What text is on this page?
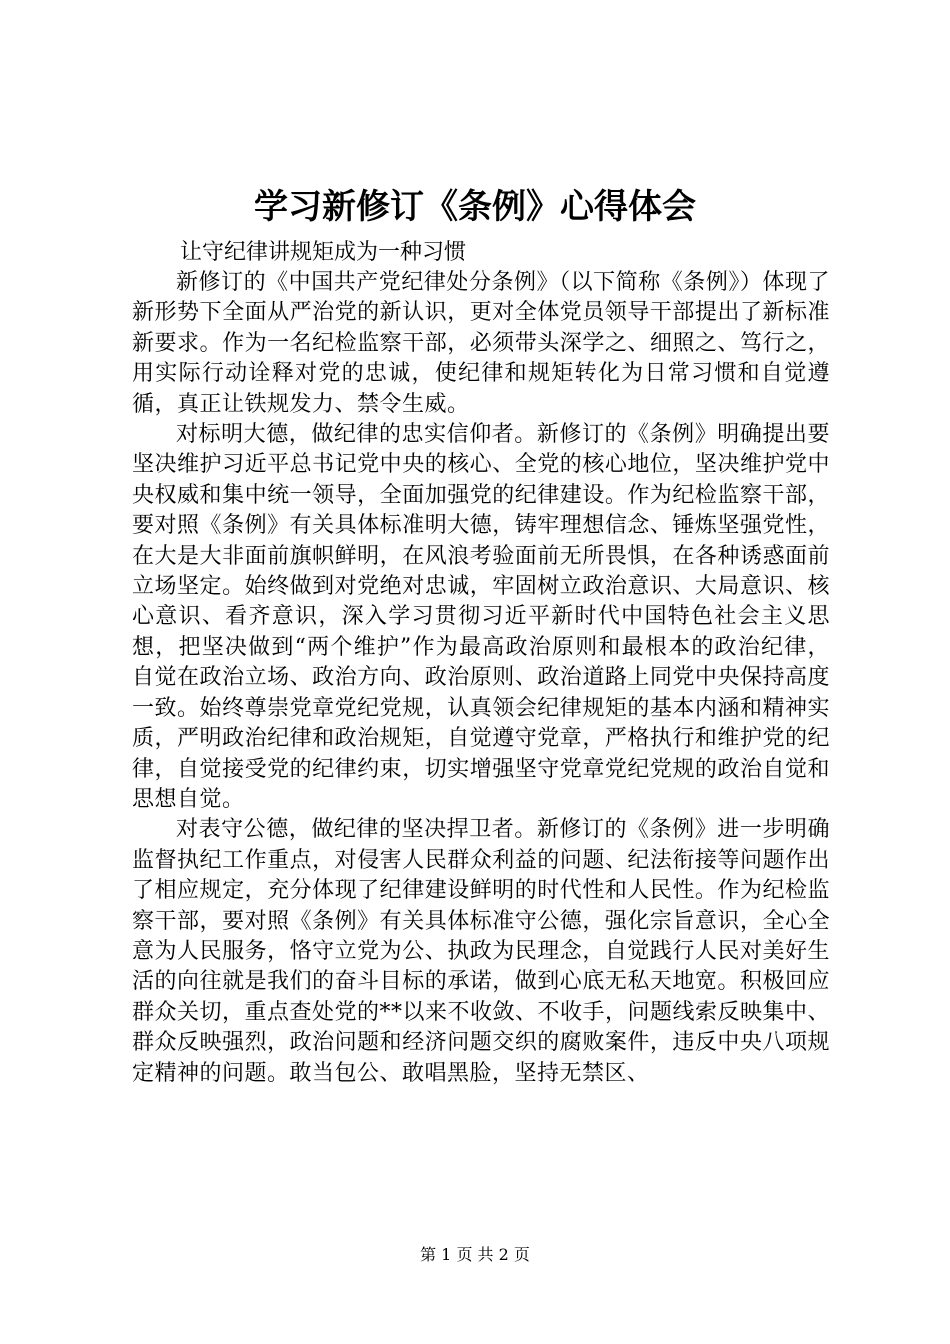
学习新修订《条例》心得体会
让守纪律讲规矩成为一种习惯

新修订的《中国共产党纪律处分条例》（以下简称《条例》）体现了新形势下全面从严治党的新认识，更对全体党员领导干部提出了新标准新要求。作为一名纪检监察干部，必须带头深学之、细照之、笃行之，用实际行动诠释对党的忠诚，使纪律和规矩转化为日常习惯和自觉遵循，真正让铁规发力、禁令生威。

对标明大德，做纪律的忠实信仰者。新修订的《条例》明确提出要坚决维护习近平总书记党中央的核心、全党的核心地位，坚决维护党中央权威和集中统一领导，全面加强党的纪律建设。作为纪检监察干部，要对照《条例》有关具体标准明大德，铸牢理想信念、锤炼坚强党性，在大是大非面前旗帜鲜明，在风浪考验面前无所畏惧，在各种诱惑面前立场坚定。始终做到对党绝对忠诚，牢固树立政治意识、大局意识、核心意识、看齐意识，深入学习贯彻习近平新时代中国特色社会主义思想，把坚决做到“两个维护”作为最高政治原则和最根本的政治纪律，自觉在政治立场、政治方向、政治原则、政治道路上同党中央保持高度一致。始终尊崇党章党纪党规，认真领会纪律规矩的基本内涵和精神实质，严明政治纪律和政治规矩，自觉遵守党章，严格执行和维护党的纪律，自觉接受党的纪律约束，切实增强坚守党章党纪党规的政治自觉和思想自觉。

对表守公德，做纪律的坚决捍卫者。新修订的《条例》进一步明确监督执纪工作重点，对侵害人民群众利益的问题、纪法衔接等问题作出了相应规定，充分体现了纪律建设鲜明的时代性和人民性。作为纪检监察干部，要对照《条例》有关具体标准守公德，强化宗旨意识，全心全意为人民服务，恪守立党为公、执政为民理念，自觉践行人民对美好生活的向往就是我们的奋斗目标的承诺，做到心底无私天地宽。积极回应群众关切，重点查处党的**以来不收敛、不收手，问题线索反映集中、群众反映强烈，政治问题和经济问题交织的腐败案件，违反中央八项规定精神的问题。敢当包公、敢唱黑脸，坚持无禁区、

第 1 页 共 2 页
